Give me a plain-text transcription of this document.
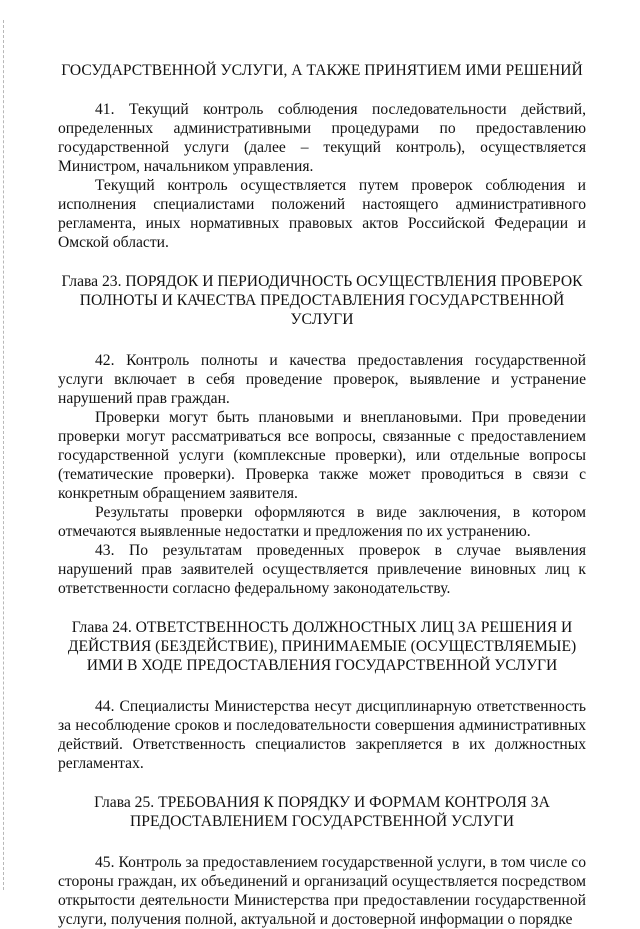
ГОСУДАРСТВЕННОЙ УСЛУГИ, А ТАКЖЕ ПРИНЯТИЕМ ИМИ РЕШЕНИЙ

41. Текущий контроль соблюдения последовательности действий, определенных административными процедурами по предоставлению государственной услуги (далее – текущий контроль), осуществляется Министром, начальником управления.

Текущий контроль осуществляется путем проверок соблюдения и исполнения специалистами положений настоящего административного регламента, иных нормативных правовых актов Российской Федерации и Омской области.

Глава 23. ПОРЯДОК И ПЕРИОДИЧНОСТЬ ОСУЩЕСТВЛЕНИЯ ПРОВЕРОК ПОЛНОТЫ И КАЧЕСТВА ПРЕДОСТАВЛЕНИЯ ГОСУДАРСТВЕННОЙ УСЛУГИ

42. Контроль полноты и качества предоставления государственной услуги включает в себя проведение проверок, выявление и устранение нарушений прав граждан.

Проверки могут быть плановыми и внеплановыми. При проведении проверки могут рассматриваться все вопросы, связанные с предоставлением государственной услуги (комплексные проверки), или отдельные вопросы (тематические проверки). Проверка также может проводиться в связи с конкретным обращением заявителя.

Результаты проверки оформляются в виде заключения, в котором отмечаются выявленные недостатки и предложения по их устранению.

43. По результатам проведенных проверок в случае выявления нарушений прав заявителей осуществляется привлечение виновных лиц к ответственности согласно федеральному законодательству.

Глава 24. ОТВЕТСТВЕННОСТЬ ДОЛЖНОСТНЫХ ЛИЦ ЗА РЕШЕНИЯ И ДЕЙСТВИЯ (БЕЗДЕЙСТВИЕ), ПРИНИМАЕМЫЕ (ОСУЩЕСТВЛЯЕМЫЕ) ИМИ В ХОДЕ ПРЕДОСТАВЛЕНИЯ ГОСУДАРСТВЕННОЙ УСЛУГИ

44. Специалисты Министерства несут дисциплинарную ответственность за несоблюдение сроков и последовательности совершения административных действий. Ответственность специалистов закрепляется в их должностных регламентах.

Глава 25. ТРЕБОВАНИЯ К ПОРЯДКУ И ФОРМАМ КОНТРОЛЯ ЗА ПРЕДОСТАВЛЕНИЕМ ГОСУДАРСТВЕННОЙ УСЛУГИ

45. Контроль за предоставлением государственной услуги, в том числе со стороны граждан, их объединений и организаций осуществляется посредством открытости деятельности Министерства при предоставлении государственной услуги, получения полной, актуальной и достоверной информации о порядке
